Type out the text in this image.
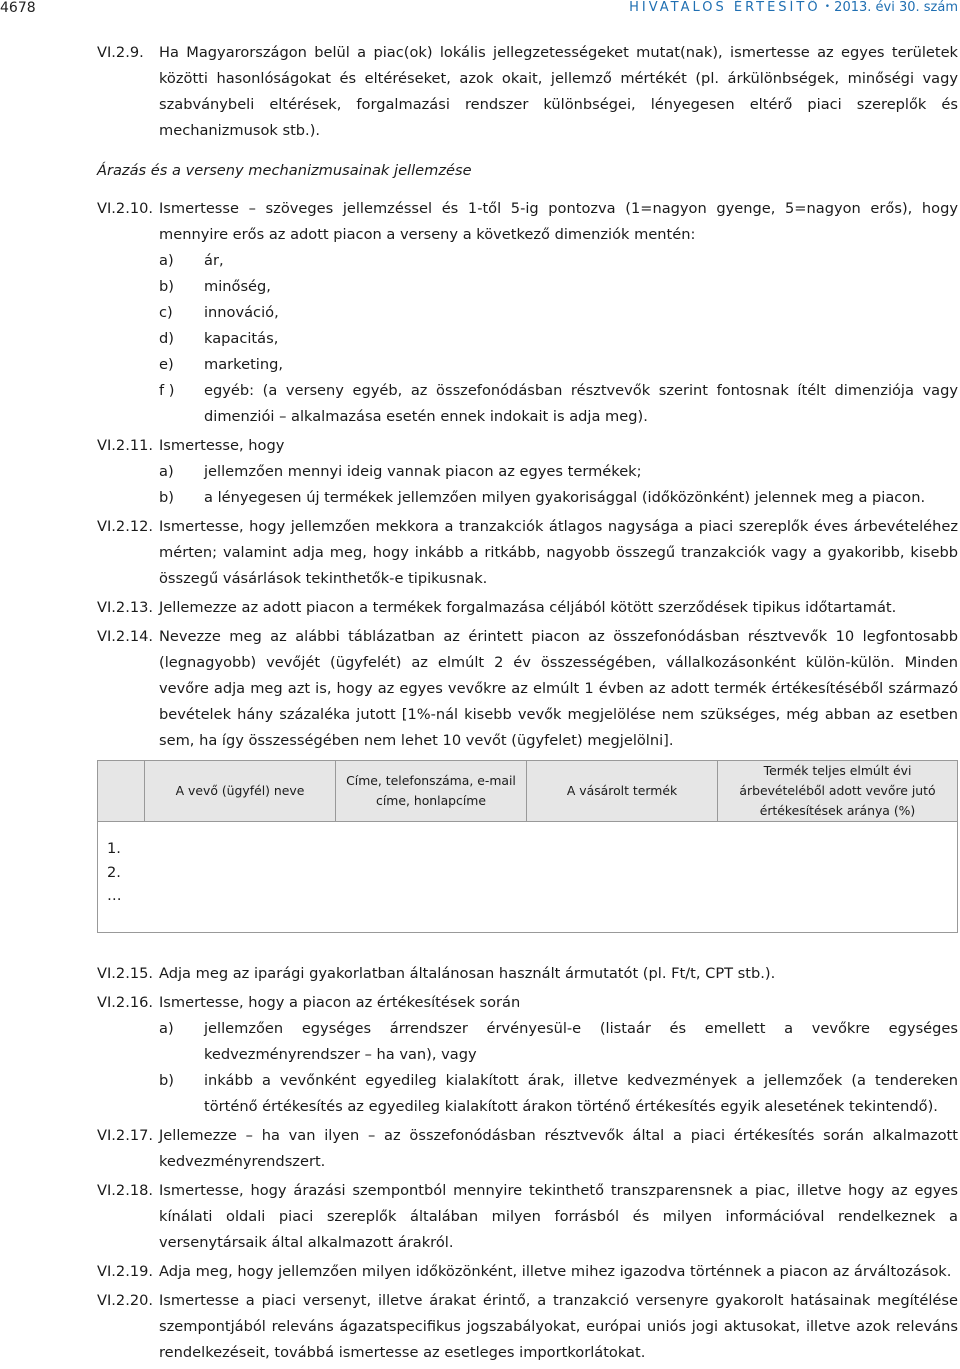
4678	HIVATALOS ÉRTESÍTŐ • 2013. évi 30. szám
VI.2.9.	Ha Magyarországon belül a piac(ok) lokális jellegzetességeket mutat(nak), ismertesse az egyes területek közötti hasonlóságokat és eltéréseket, azok okait, jellemző mértékét (pl. árkülönbségek, minőségi vagy szabványbeli eltérések, forgalmazási rendszer különbségei, lényegesen eltérő piaci szereplők és mechanizmusok stb.).
Árazás és a verseny mechanizmusainak jellemzése
VI.2.10. Ismertesse – szöveges jellemzéssel és 1-től 5-ig pontozva (1=nagyon gyenge, 5=nagyon erős), hogy mennyire erős az adott piacon a verseny a következő dimenziók mentén:
a)	ár,
b)	minőség,
c)	innováció,
d)	kapacitás,
e)	marketing,
f )	egyéb: (a verseny egyéb, az összefonódásban résztvevők szerint fontosnak ítélt dimenziója vagy dimenziói – alkalmazása esetén ennek indokait is adja meg).
VI.2.11. Ismertesse, hogy
a)	jellemzően mennyi ideig vannak piacon az egyes termékek;
b)	a lényegesen új termékek jellemzően milyen gyakorisággal (időközönként) jelennek meg a piacon.
VI.2.12. Ismertesse, hogy jellemzően mekkora a tranzakciók átlagos nagysága a piaci szereplők éves árbevételéhez mérten; valamint adja meg, hogy inkább a ritkább, nagyobb összegű tranzakciók vagy a gyakoribb, kisebb összegű vásárlások tekinthetők-e tipikusnak.
VI.2.13. Jellemezze az adott piacon a termékek forgalmazása céljából kötött szerződések tipikus időtartamát.
VI.2.14. Nevezze meg az alábbi táblázatban az érintett piacon az összefonódásban résztvevők 10 legfontosabb (legnagyobb) vevőjét (ügyfelét) az elmúlt 2 év összességében, vállalkozásonként külön-külön. Minden vevőre adja meg azt is, hogy az egyes vevőkre az elmúlt 1 évben az adott termék értékesítéséből származó bevételek hány százaléka jutott [1%-nál kisebb vevők megjelölése nem szükséges, még abban az esetben sem, ha így összességében nem lehet 10 vevőt (ügyfelet) megjelölni].
	A vevő (ügyfél) neve	Címe, telefonszáma, e-mail címe, honlapcíme	A vásárolt termék	Termék teljes elmúlt évi árbevételéből adott vevőre jutó értékesítések aránya (%)
1.
2.
…
VI.2.15. Adja meg az iparági gyakorlatban általánosan használt ármutatót (pl. Ft/t, CPT stb.).
VI.2.16. Ismertesse, hogy a piacon az értékesítések során
a)	jellemzően egységes árrendszer érvényesül-e (listaár és emellett a vevőkre egységes kedvezményrendszer – ha van), vagy
b)	inkább a vevőnként egyedileg kialakított árak, illetve kedvezmények a jellemzőek (a tendereken történő értékesítés az egyedileg kialakított árakon történő értékesítés egyik alesetének tekintendő).
VI.2.17. Jellemezze – ha van ilyen – az összefonódásban résztvevők által a piaci értékesítés során alkalmazott kedvezményrendszert.
VI.2.18. Ismertesse, hogy árazási szempontból mennyire tekinthető transzparensnek a piac, illetve hogy az egyes kínálati oldali piaci szereplők általában milyen forrásból és milyen információval rendelkeznek a versenytársaik által alkalmazott árakról.
VI.2.19. Adja meg, hogy jellemzően milyen időközönként, illetve mihez igazodva történnek a piacon az árváltozások.
VI.2.20. Ismertesse a piaci versenyt, illetve árakat érintő, a tranzakció versenyre gyakorolt hatásainak megítélése szempontjából releváns ágazatspecifikus jogszabályokat, európai uniós jogi aktusokat, illetve azok releváns rendelkezéseit, továbbá ismertesse az esetleges importkorlátokat.
